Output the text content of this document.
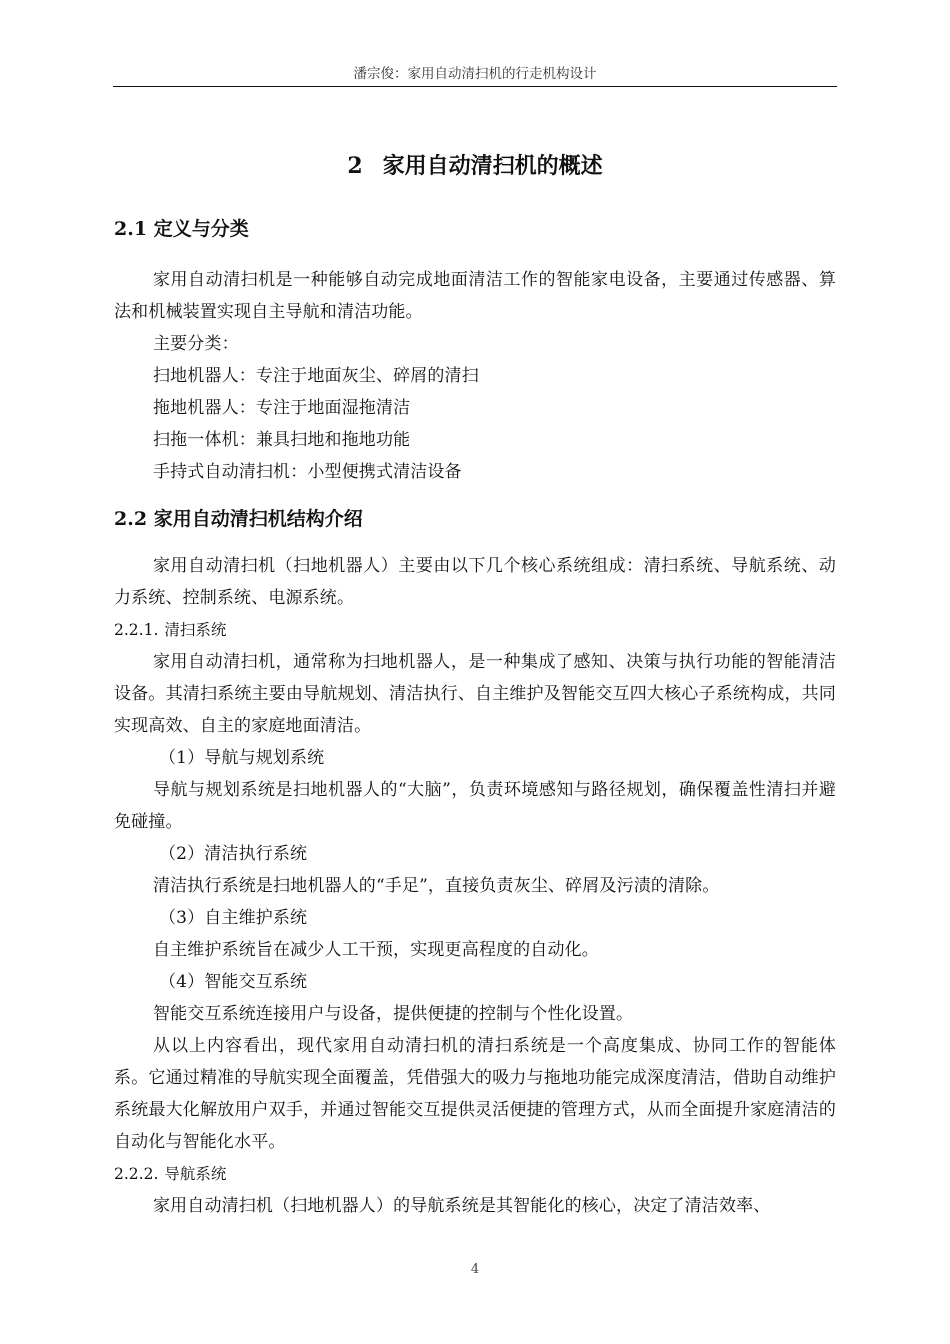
潘宗俊：家用自动清扫机的行走机构设计
2 家用自动清扫机的概述
2.1 定义与分类

家用自动清扫机是一种能够自动完成地面清洁工作的智能家电设备，主要通过传感器、算法和机械装置实现自主导航和清洁功能。

主要分类：

扫地机器人：专注于地面灰尘、碎屑的清扫

拖地机器人：专注于地面湿拖清洁

扫拖一体机：兼具扫地和拖地功能

手持式自动清扫机：小型便携式清洁设备

2.2 家用自动清扫机结构介绍

家用自动清扫机（扫地机器人）主要由以下几个核心系统组成：清扫系统、导航系统、动力系统、控制系统、电源系统。

2.2.1. 清扫系统

家用自动清扫机，通常称为扫地机器人，是一种集成了感知、决策与执行功能的智能清洁设备。其清扫系统主要由导航规划、清洁执行、自主维护及智能交互四大核心子系统构成，共同实现高效、自主的家庭地面清洁。

（1）导航与规划系统

导航与规划系统是扫地机器人的“大脑”，负责环境感知与路径规划，确保覆盖性清扫并避免碰撞。

（2）清洁执行系统

清洁执行系统是扫地机器人的“手足”，直接负责灰尘、碎屑及污渍的清除。

（3）自主维护系统

自主维护系统旨在减少人工干预，实现更高程度的自动化。

（4）智能交互系统

智能交互系统连接用户与设备，提供便捷的控制与个性化设置。

从以上内容看出，现代家用自动清扫机的清扫系统是一个高度集成、协同工作的智能体系。它通过精准的导航实现全面覆盖，凭借强大的吸力与拖地功能完成深度清洁，借助自动维护系统最大化解放用户双手，并通过智能交互提供灵活便捷的管理方式，从而全面提升家庭清洁的自动化与智能化水平。

2.2.2. 导航系统

家用自动清扫机（扫地机器人）的导航系统是其智能化的核心，决定了清洁效率、

4
